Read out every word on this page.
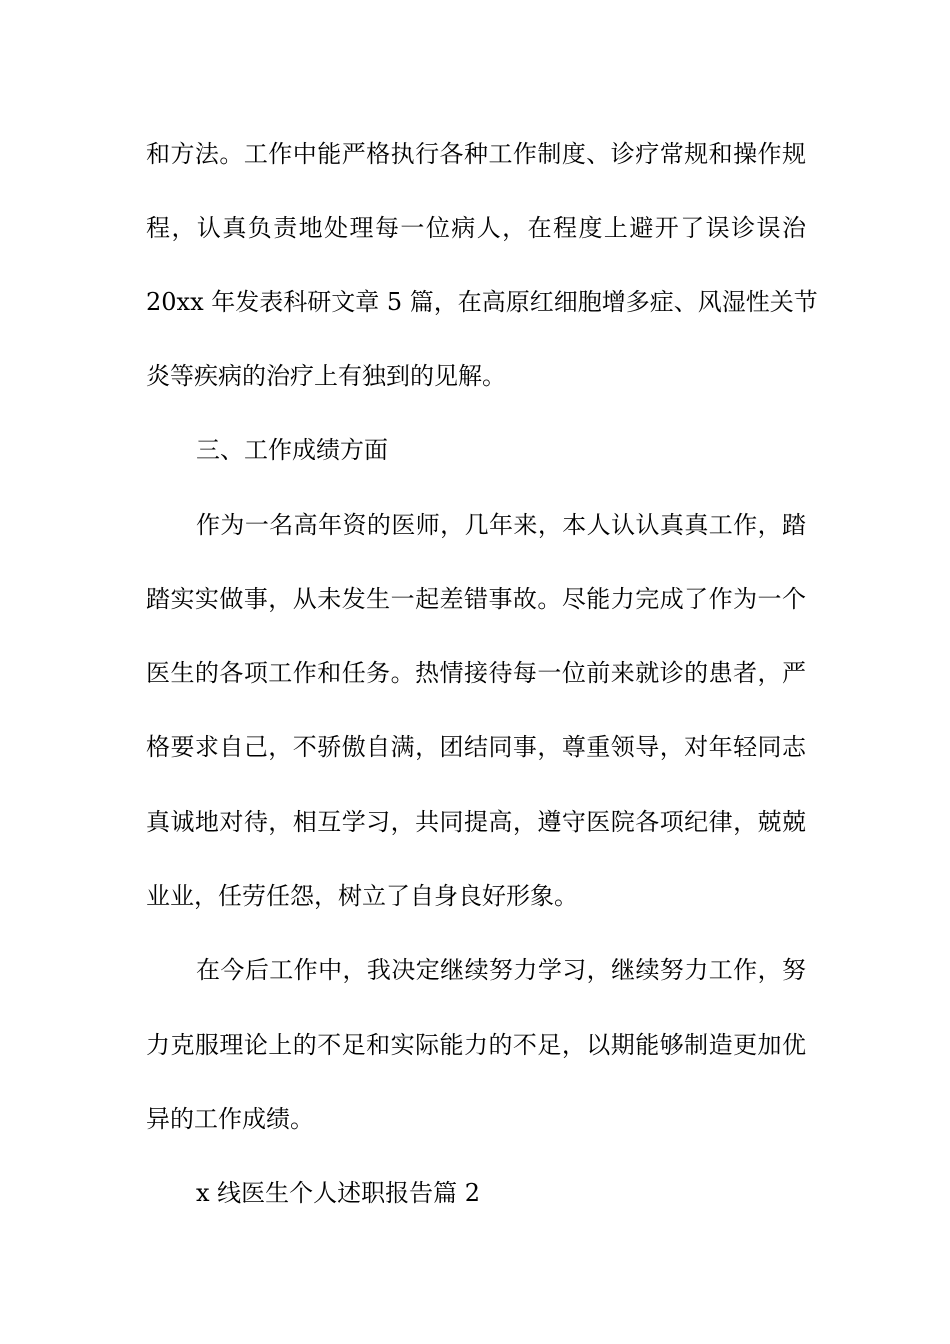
和方法。工作中能严格执行各种工作制度、诊疗常规和操作规
程，认真负责地处理每一位病人，在程度上避开了误诊误治
20xx 年发表科研文章 5 篇，在高原红细胞增多症、风湿性关节
炎等疾病的治疗上有独到的见解。
三、工作成绩方面
作为一名高年资的医师，几年来，本人认认真真工作，踏
踏实实做事，从未发生一起差错事故。尽能力完成了作为一个
医生的各项工作和任务。热情接待每一位前来就诊的患者，严
格要求自己，不骄傲自满，团结同事，尊重领导，对年轻同志
真诚地对待，相互学习，共同提高，遵守医院各项纪律，兢兢
业业，任劳任怨，树立了自身良好形象。
在今后工作中，我决定继续努力学习，继续努力工作，努
力克服理论上的不足和实际能力的不足，以期能够制造更加优
异的工作成绩。
x 线医生个人述职报告篇 2
